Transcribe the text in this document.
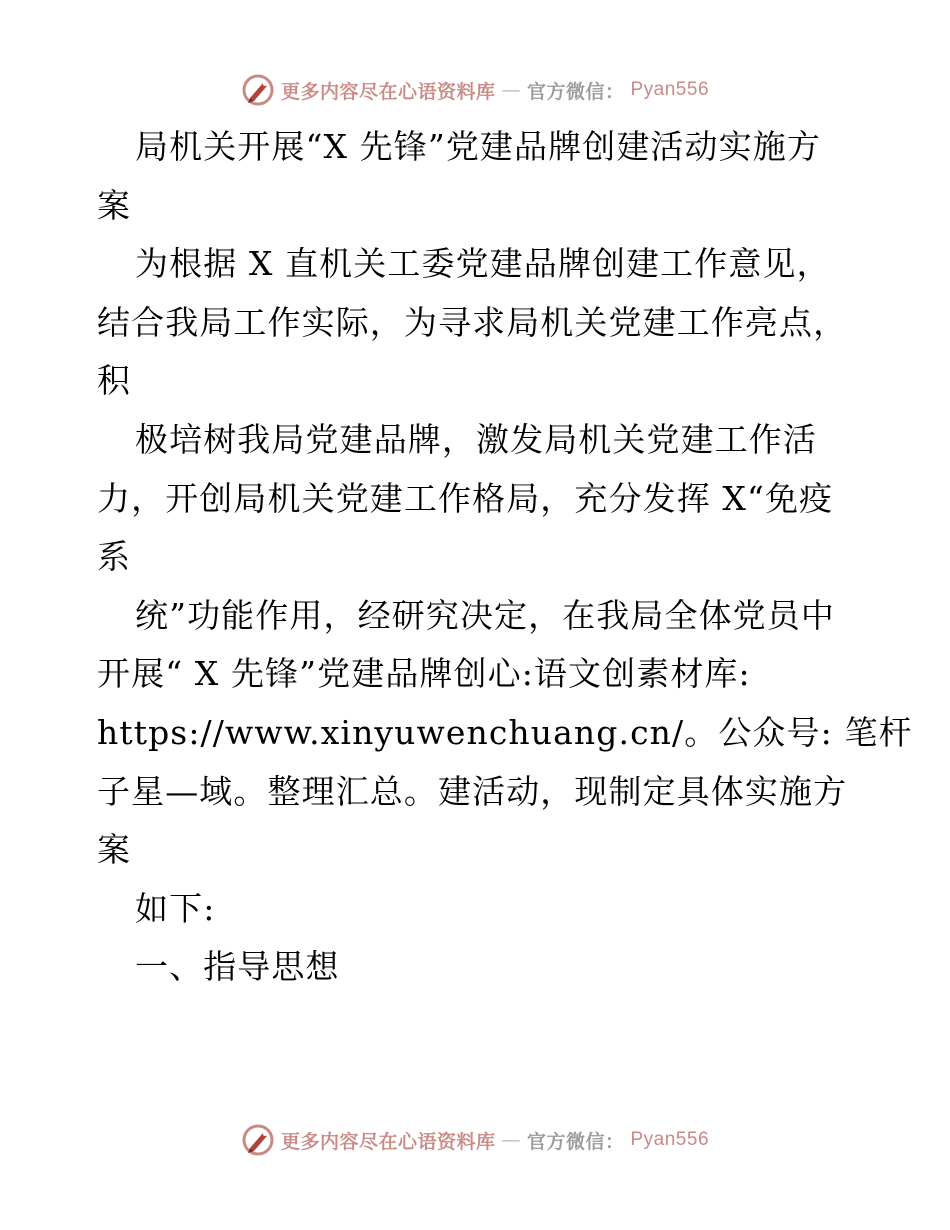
更多内容尽在心语资料库 — 官方微信： Pyan556
局机关开展“X 先锋”党建品牌创建活动实施方
案
为根据 X 直机关工委党建品牌创建工作意见，
结合我局工作实际，为寻求局机关党建工作亮点，
积
极培树我局党建品牌，激发局机关党建工作活
力，开创局机关党建工作格局，充分发挥 X“免疫
系
统”功能作用，经研究决定，在我局全体党员中
开展“ X 先锋”党建品牌创心:语文创素材库:
https://www.xinyuwenchuang.cn/。公众号: 笔杆
子星—域。整理汇总。建活动，现制定具体实施方
案
如下:
一、指导思想
更多内容尽在心语资料库 — 官方微信： Pyan556
